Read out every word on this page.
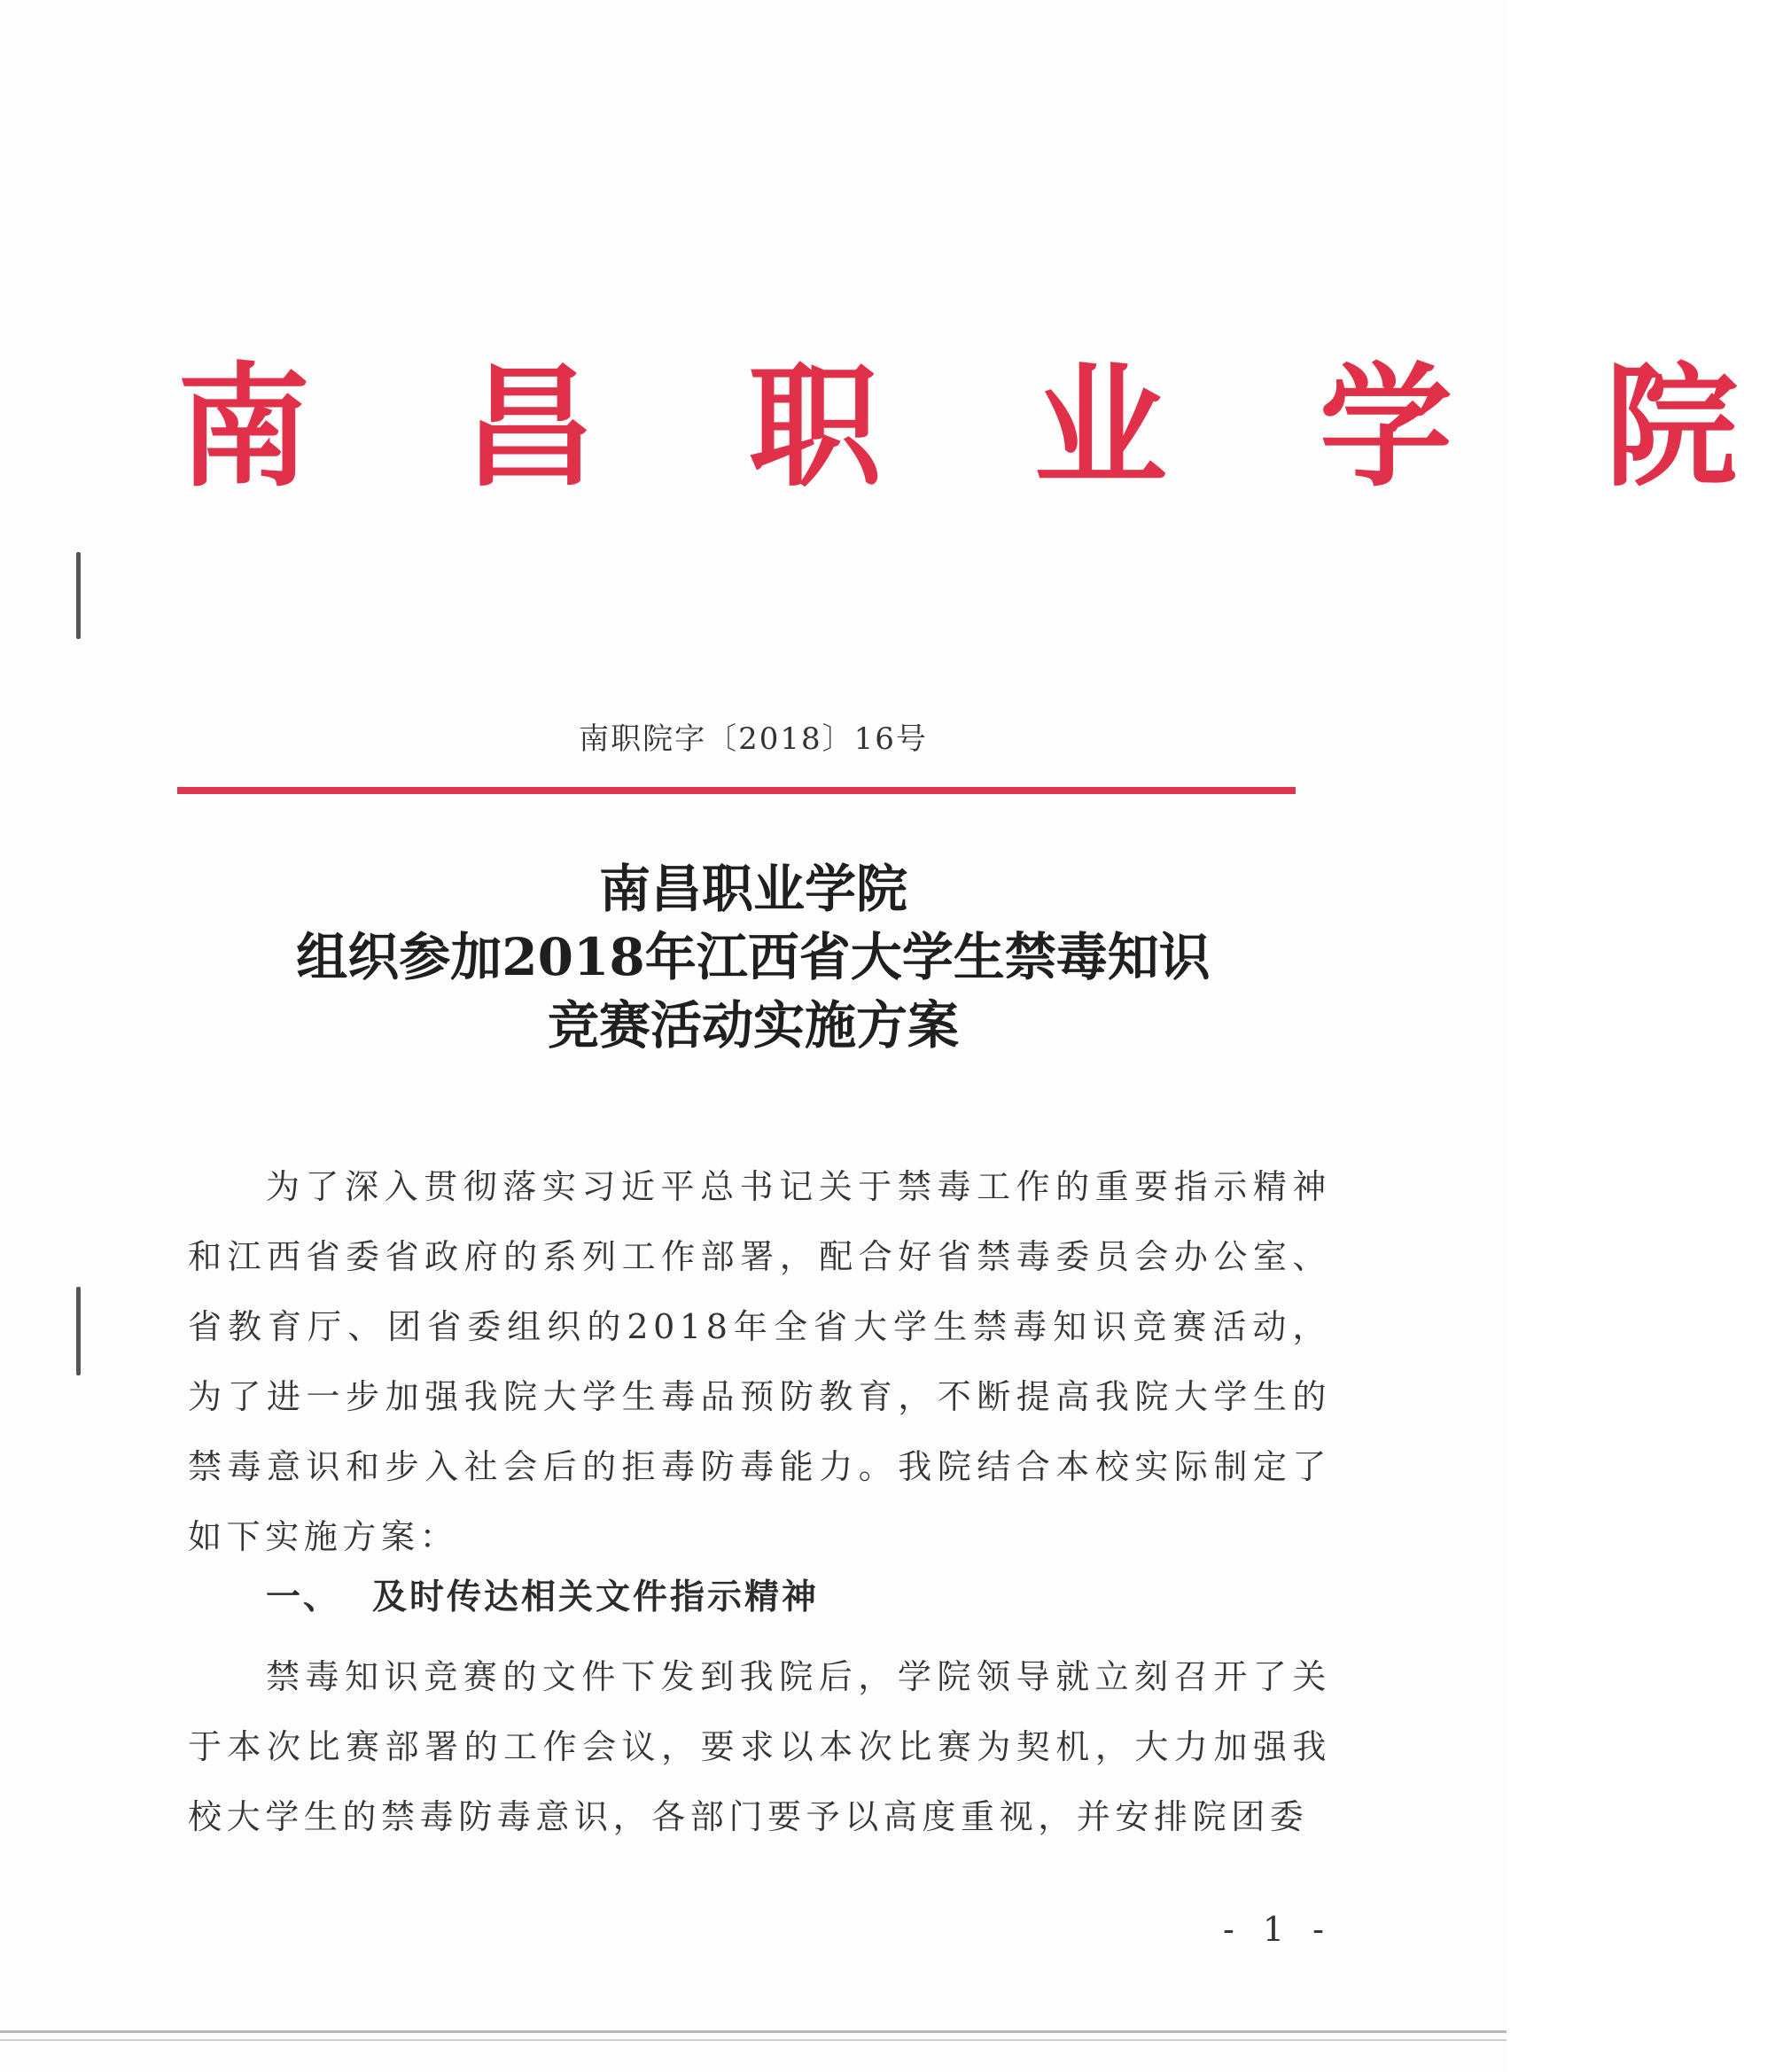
南 昌 职 业 学 院
南职院字〔2018〕16号
南昌职业学院
组织参加2018年江西省大学生禁毒知识
竞赛活动实施方案

为了深入贯彻落实习近平总书记关于禁毒工作的重要指示精神和江西省委省政府的系列工作部署，配合好省禁毒委员会办公室、省教育厅、团省委组织的2018年全省大学生禁毒知识竞赛活动，为了进一步加强我院大学生毒品预防教育，不断提高我院大学生的禁毒意识和步入社会后的拒毒防毒能力。我院结合本校实际制定了如下实施方案：

一、 及时传达相关文件指示精神

禁毒知识竞赛的文件下发到我院后，学院领导就立刻召开了关于本次比赛部署的工作会议，要求以本次比赛为契机，大力加强我校大学生的禁毒防毒意识，各部门要予以高度重视，并安排院团委

- 1 -
